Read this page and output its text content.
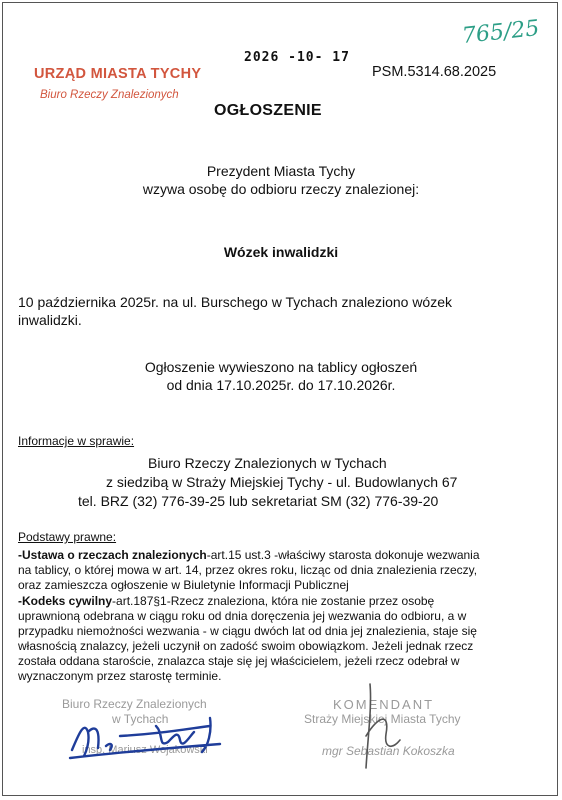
URZĄD MIASTA TYCHY
Biuro Rzeczy Znalezionych
2026 -10- 17
PSM.5314.68.2025
765/25
OGŁOSZENIE
Prezydent Miasta Tychy
wzywa osobę do odbioru rzeczy znalezionej:
Wózek inwalidzki
10 października 2025r. na ul. Burschego w Tychach znaleziono wózek
inwalidzki.
Ogłoszenie wywieszono na tablicy ogłoszeń
od dnia 17.10.2025r. do 17.10.2026r.
Informacje w sprawie:
Biuro Rzeczy Znalezionych w Tychach
z siedzibą w Straży Miejskiej Tychy - ul. Budowlanych 67
tel. BRZ (32) 776-39-25 lub sekretariat SM (32) 776-39-20
Podstawy prawne:
-Ustawa o rzeczach znalezionych-art.15 ust.3 -właściwy starosta dokonuje wezwania
na tablicy, o której mowa w art. 14, przez okres roku, licząc od dnia znalezienia rzeczy,
oraz zamieszcza ogłoszenie w Biuletynie Informacji Publicznej
-Kodeks cywilny-art.187§1-Rzecz znaleziona, która nie zostanie przez osobę
uprawnioną odebrana w ciągu roku od dnia doręczenia jej wezwania do odbioru, a w
przypadku niemożności wezwania - w ciągu dwóch lat od dnia jej znalezienia, staje się
własnością znalazcy, jeżeli uczynił on zadość swoim obowiązkom. Jeżeli jednak rzecz
została oddana staroście, znalazca staje się jej właścicielem, jeżeli rzecz odebrał w
wyznaczonym przez starostę terminie.
Biuro Rzeczy Znalezionych
w Tychach
insp. Mariusz Wojakowski
KOMENDANT
Straży Miejskiej Miasta Tychy
mgr Sebastian Kokoszka
